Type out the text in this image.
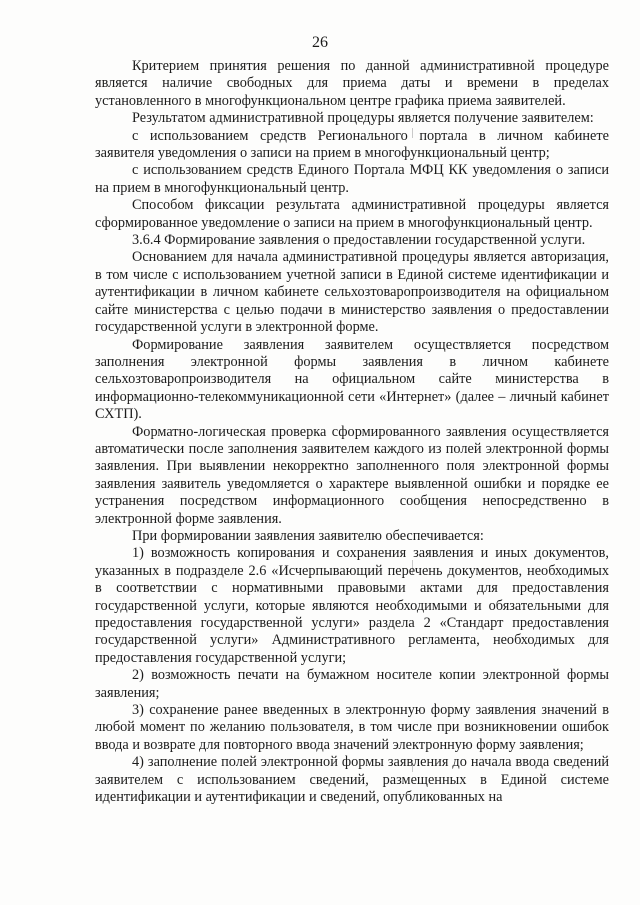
26

Критерием принятия решения по данной административной процедуре является наличие свободных для приема даты и времени в пределах установленного в многофункциональном центре графика приема заявителей.

Результатом административной процедуры является получение заявителем:

с использованием средств Регионального портала в личном кабинете заявителя уведомления о записи на прием в многофункциональный центр;

с использованием средств Единого Портала МФЦ КК уведомления о записи на прием в многофункциональный центр.

Способом фиксации результата административной процедуры является сформированное уведомление о записи на прием в многофункциональный центр.

3.6.4 Формирование заявления о предоставлении государственной услуги.

Основанием для начала административной процедуры является авторизация, в том числе с использованием учетной записи в Единой системе идентификации и аутентификации в личном кабинете сельхозтоваропроизводителя на официальном сайте министерства с целью подачи в министерство заявления о предоставлении государственной услуги в электронной форме.

Формирование заявления заявителем осуществляется посредством заполнения электронной формы заявления в личном кабинете сельхозтоваропроизводителя на официальном сайте министерства в информационно-телекоммуникационной сети «Интернет» (далее – личный кабинет СХТП).

Форматно-логическая проверка сформированного заявления осуществляется автоматически после заполнения заявителем каждого из полей электронной формы заявления. При выявлении некорректно заполненного поля электронной формы заявления заявитель уведомляется о характере выявленной ошибки и порядке ее устранения посредством информационного сообщения непосредственно в электронной форме заявления.

При формировании заявления заявителю обеспечивается:

1) возможность копирования и сохранения заявления и иных документов, указанных в подразделе 2.6 «Исчерпывающий перечень документов, необходимых в соответствии с нормативными правовыми актами для предоставления государственной услуги, которые являются необходимыми и обязательными для предоставления государственной услуги» раздела 2 «Стандарт предоставления государственной услуги» Административного регламента, необходимых для предоставления государственной услуги;

2) возможность печати на бумажном носителе копии электронной формы заявления;

3) сохранение ранее введенных в электронную форму заявления значений в любой момент по желанию пользователя, в том числе при возникновении ошибок ввода и возврате для повторного ввода значений электронную форму заявления;

4) заполнение полей электронной формы заявления до начала ввода сведений заявителем с использованием сведений, размещенных в Единой системе идентификации и аутентификации и сведений, опубликованных на
